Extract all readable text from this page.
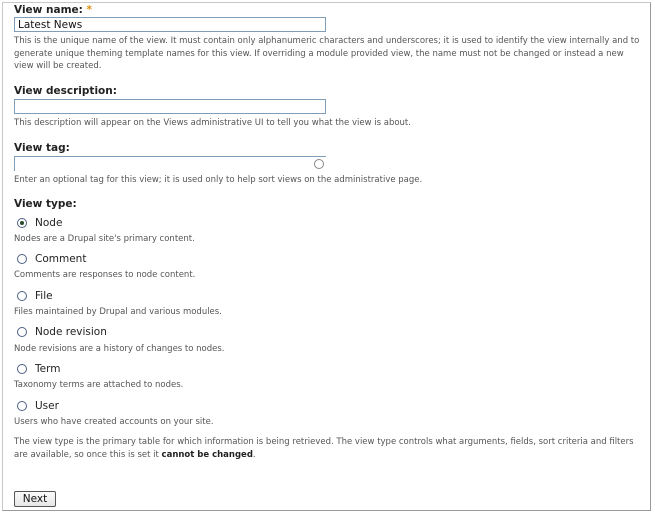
View name: *
Latest News
This is the unique name of the view. It must contain only alphanumeric characters and underscores; it is used to identify the view internally and to generate unique theming template names for this view. If overriding a module provided view, the name must not be changed or instead a new view will be created.
View description:
This description will appear on the Views administrative UI to tell you what the view is about.
View tag:
Enter an optional tag for this view; it is used only to help sort views on the administrative page.
View type:
Node
Nodes are a Drupal site's primary content.
Comment
Comments are responses to node content.
File
Files maintained by Drupal and various modules.
Node revision
Node revisions are a history of changes to nodes.
Term
Taxonomy terms are attached to nodes.
User
Users who have created accounts on your site.
The view type is the primary table for which information is being retrieved. The view type controls what arguments, fields, sort criteria and filters are available, so once this is set it cannot be changed.
Next
